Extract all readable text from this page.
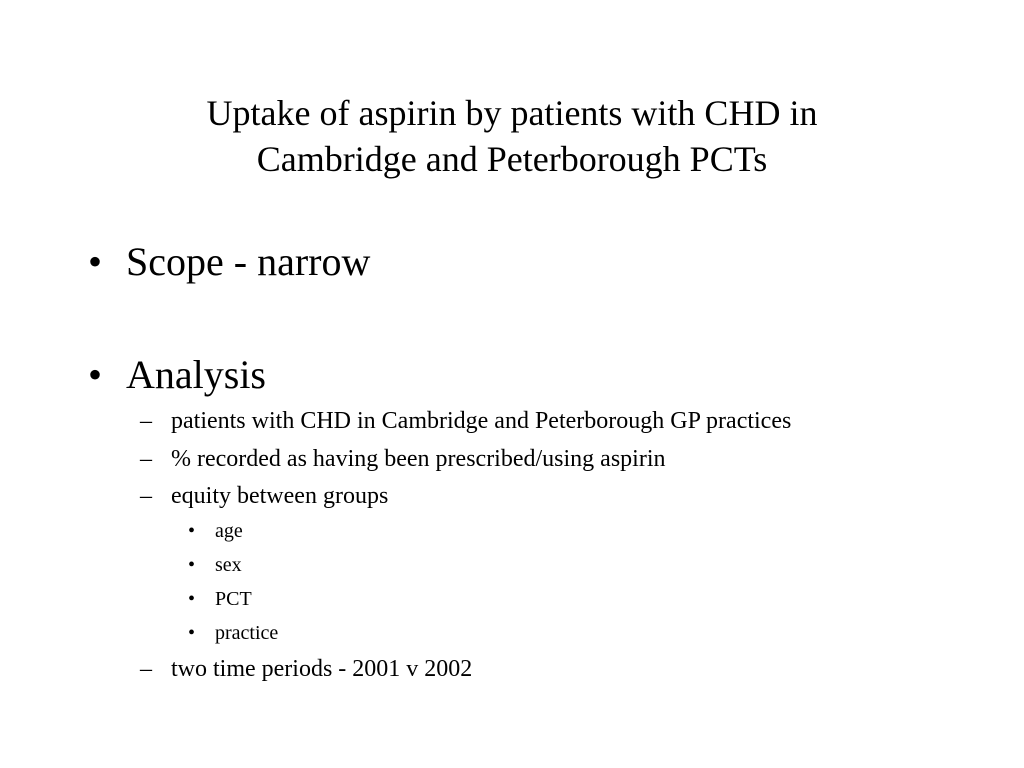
Uptake of aspirin by patients with CHD in
Cambridge and Peterborough PCTs
• Scope - narrow
• Analysis
– patients with CHD in Cambridge and Peterborough GP practices
– % recorded as having been prescribed/using aspirin
– equity between groups
• age
• sex
• PCT
• practice
– two time periods - 2001 v 2002
